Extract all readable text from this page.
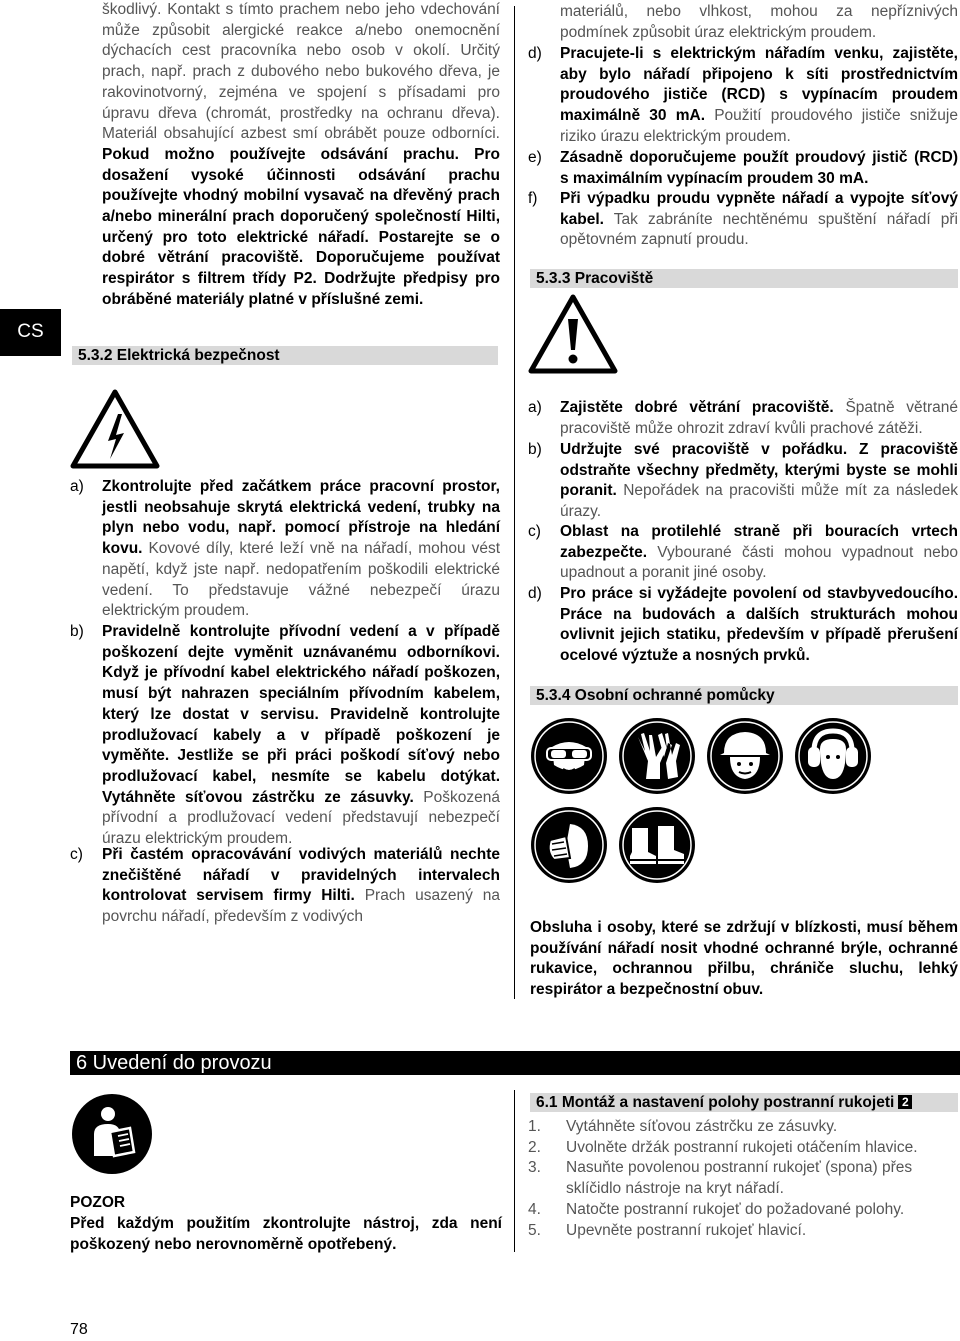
CS
škodlivý. Kontakt s tímto prachem nebo jeho vdechování může způsobit alergické reakce a/nebo onemocnění dýchacích cest pracovníka nebo osob v okolí. Určitý prach, např. prach z dubového nebo bukového dřeva, je rakovinotvorný, zejména ve spojení s přísadami pro úpravu dřeva (chromát, prostředky na ochranu dřeva). Materiál obsahující azbest smí obrábět pouze odborníci. Pokud možno používejte odsávání prachu. Pro dosažení vysoké účinnosti odsávání prachu používejte vhodný mobilní vysavač na dřevěný prach a/nebo minerální prach doporučený společností Hilti, určený pro toto elektrické nářadí. Postarejte se o dobré větrání pracoviště. Doporučujeme používat respirátor s filtrem třídy P2. Dodržujte předpisy pro obráběné materiály platné v příslušné zemi.
5.3.2 Elektrická bezpečnost
a)	Zkontrolujte před začátkem práce pracovní prostor, jestli neobsahuje skrytá elektrická vedení, trubky na plyn nebo vodu, např. pomocí přístroje na hledání kovu. Kovové díly, které leží vně na nářadí, mohou vést napětí, když jste např. nedopatřením poškodili elektrické vedení. To představuje vážné nebezpečí úrazu elektrickým proudem.
b)	Pravidelně kontrolujte přívodní vedení a v případě poškození dejte vyměnit uznávanému odborníkovi. Když je přívodní kabel elektrického nářadí poškozen, musí být nahrazen speciálním přívodním kabelem, který lze dostat v servisu. Pravidelně kontrolujte prodlužovací kabely a v případě poškození je vyměňte. Jestliže se při práci poškodí síťový nebo prodlužovací kabel, nesmíte se kabelu dotýkat. Vytáhněte síťovou zástrčku ze zásuvky. Poškozená přívodní a prodlužovací vedení představují nebezpečí úrazu elektrickým proudem.
c)	Při častém opracovávání vodivých materiálů nechte znečištěné nářadí v pravidelných intervalech kontrolovat servisem firmy Hilti. Prach usazený na povrchu nářadí, především z vodivých
materiálů, nebo vlhkost, mohou za nepříznivých podmínek způsobit úraz elektrickým proudem.
d)	Pracujete-li s elektrickým nářadím venku, zajistěte, aby bylo nářadí připojeno k síti prostřednictvím proudového jističe (RCD) s vypínacím proudem maximálně 30 mA. Použití proudového jističe snižuje riziko úrazu elektrickým proudem.
e)	Zásadně doporučujeme použít proudový jistič (RCD) s maximálním vypínacím proudem 30 mA.
f)	Při výpadku proudu vypněte nářadí a vypojte síťový kabel. Tak zabráníte nechtěnému spuštění nářadí při opětovném zapnutí proudu.
5.3.3 Pracoviště
a)	Zajistěte dobré větrání pracoviště. Špatně větrané pracoviště může ohrozit zdraví kvůli prachové zátěži.
b)	Udržujte své pracoviště v pořádku. Z pracoviště odstraňte všechny předměty, kterými byste se mohli poranit. Nepořádek na pracovišti může mít za následek úrazy.
c)	Oblast na protilehlé straně při bouracích vrtech zabezpečte. Vybourané části mohou vypadnout nebo upadnout a poranit jiné osoby.
d)	Pro práce si vyžádejte povolení od stavbyvedoucího. Práce na budovách a dalších strukturách mohou ovlivnit jejich statiku, především v případě přerušení ocelové výztuže a nosných prvků.
5.3.4 Osobní ochranné pomůcky
Obsluha i osoby, které se zdržují v blízkosti, musí během používání nářadí nosit vhodné ochranné brýle, ochranné rukavice, ochrannou přilbu, chrániče sluchu, lehký respirátor a bezpečnostní obuv.
6 Uvedení do provozu
POZOR
Před každým použitím zkontrolujte nástroj, zda není poškozený nebo nerovnoměrně opotřebený.
6.1 Montáž a nastavení polohy postranní rukojeti 2
1. Vytáhněte síťovou zástrčku ze zásuvky.
2. Uvolněte držák postranní rukojeti otáčením hlavice.
3. Nasuňte povolenou postranní rukojeť (spona) přes sklíčidlo nástroje na kryt nářadí.
4. Natočte postranní rukojeť do požadované polohy.
5. Upevněte postranní rukojeť hlavicí.
78
